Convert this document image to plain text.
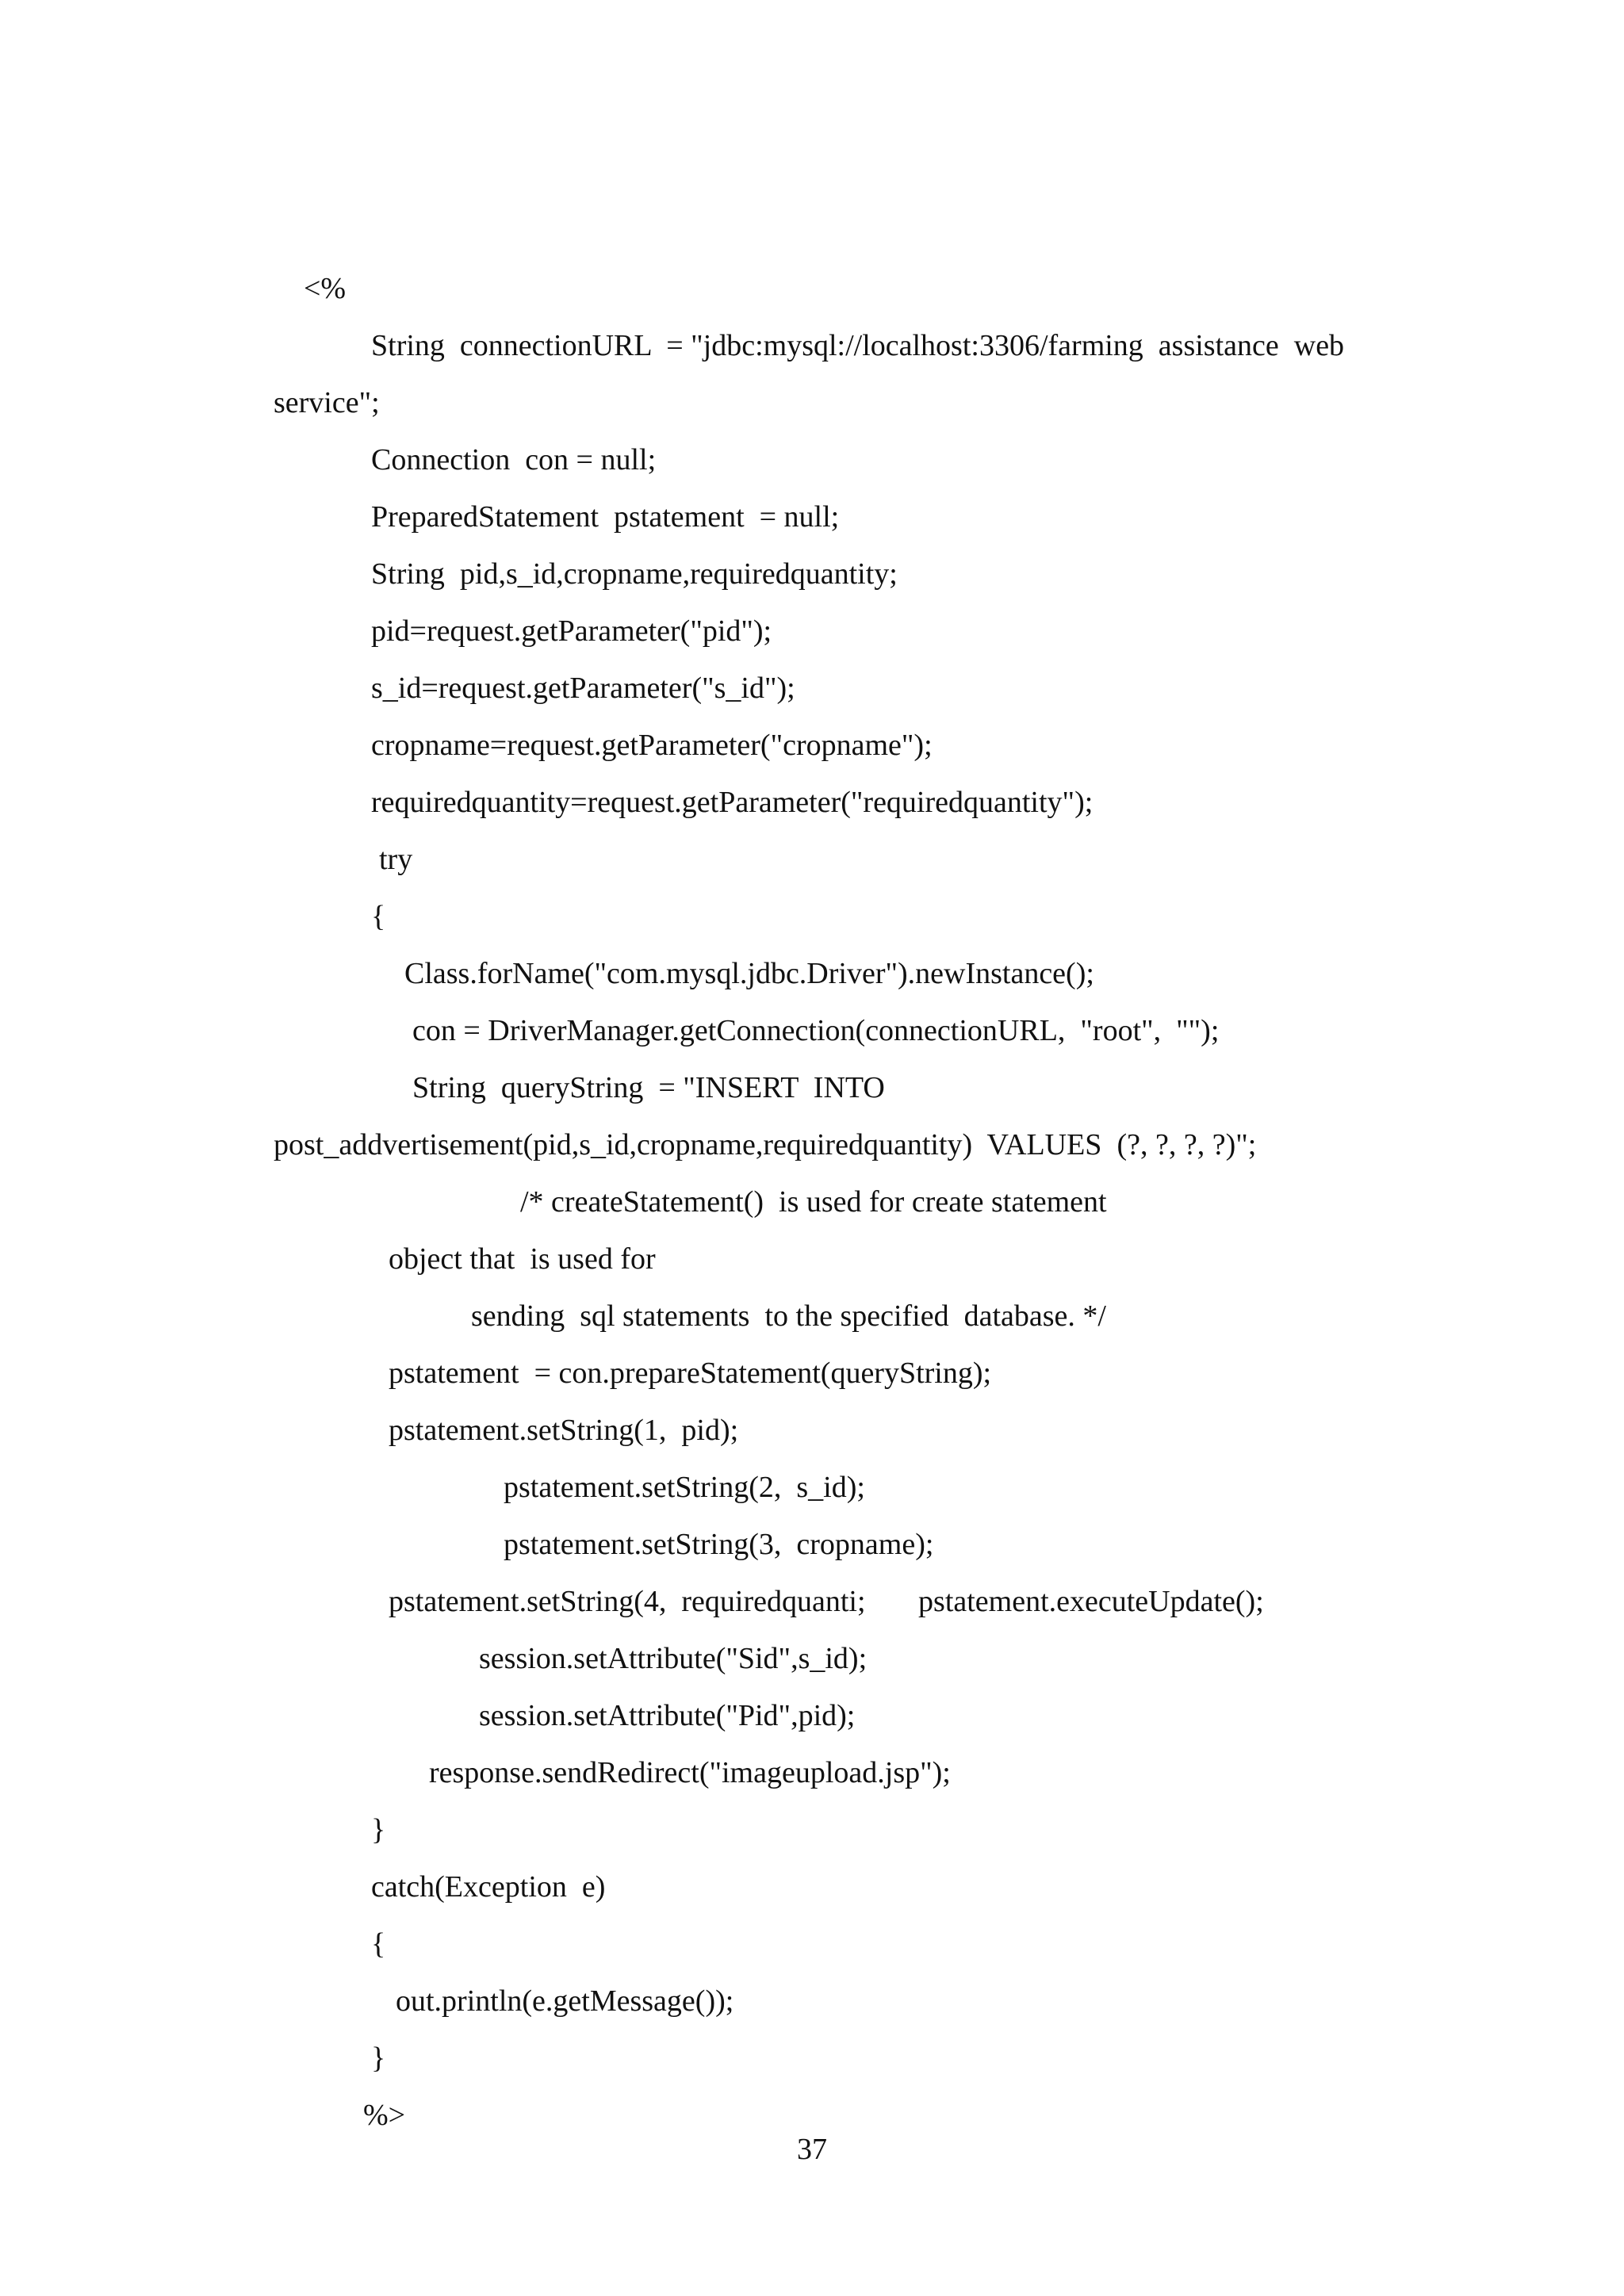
<%
String  connectionURL  = "jdbc:mysql://localhost:3306/farming  assistance  web
service";
Connection  con = null;
PreparedStatement  pstatement  = null;
String  pid,s_id,cropname,requiredquantity;
pid=request.getParameter("pid");
s_id=request.getParameter("s_id");
cropname=request.getParameter("cropname");
requiredquantity=request.getParameter("requiredquantity");
try
{
Class.forName("com.mysql.jdbc.Driver").newInstance();
con = DriverManager.getConnection(connectionURL,  "root",  "");
String  queryString  = "INSERT  INTO
post_addvertisement(pid,s_id,cropname,requiredquantity)  VALUES  (?, ?, ?, ?)";
/* createStatement()  is used for create statement
object that  is used for
sending  sql statements  to the specified  database. */
pstatement  = con.prepareStatement(queryString);
pstatement.setString(1,  pid);
pstatement.setString(2,  s_id);
pstatement.setString(3,  cropname);
pstatement.setString(4,  requiredquanti;       pstatement.executeUpdate();
session.setAttribute("Sid",s_id);
session.setAttribute("Pid",pid);
response.sendRedirect("imageupload.jsp");
}
catch(Exception  e)
{
out.println(e.getMessage());
}
%>
37
